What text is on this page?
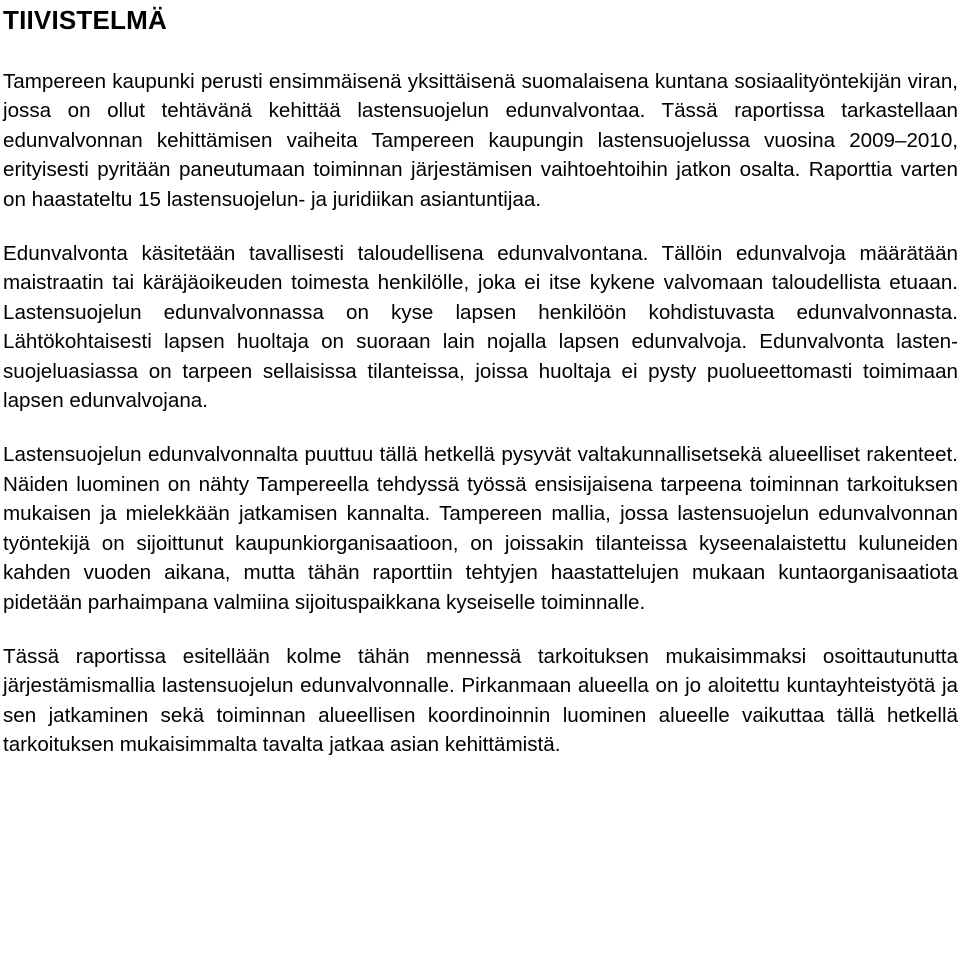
TIIVISTELMÄ

Tampereen kaupunki perusti ensimmäisenä yksittäisenä suomalaisena kuntana sosiaalityöntekijän viran, jossa on ollut tehtävänä kehittää lastensuojelun edunvalvontaa. Tässä raportissa tarkastellaan edunvalvonnan kehittämisen vaiheita Tampereen kaupungin lastensuojelussa vuosina 2009–2010, erityisesti pyritään paneutumaan toiminnan järjestämisen vaihtoehtoihin jatkon osalta. Raporttia varten on haastateltu 15 lastensuojelun- ja juridiikan asiantuntijaa.

Edunvalvonta käsitetään tavallisesti taloudellisena edunvalvontana. Tällöin edunvalvoja määrätään maistraatin tai käräjäoikeuden toimesta henkilölle, joka ei itse kykene valvomaan taloudellista etuaan. Lastensuojelun edunvalvonnassa on kyse lapsen henkilöön kohdistuvasta edunvalvonnasta. Lähtökohtaisesti lapsen huoltaja on suoraan lain nojalla lapsen edunvalvoja. Edunvalvonta lastensuojeluasiassa on tarpeen sellaisissa tilanteissa, joissa huoltaja ei pysty puolueettomasti toimimaan lapsen edunvalvojana.

Lastensuojelun edunvalvonnalta puuttuu tällä hetkellä pysyvät valtakunnallisetsekä alueelliset rakenteet. Näiden luominen on nähty Tampereella tehdyssä työssä ensisijaisena tarpeena toiminnan tarkoituksen mukaisen ja mielekkään jatkamisen kannalta. Tampereen mallia, jossa lastensuojelun edunvalvonnan työntekijä on sijoittunut kaupunkiorganisaatioon, on joissakin tilanteissa kyseenalaistettu kuluneiden kahden vuoden aikana, mutta tähän raporttiin tehtyjen haastattelujen mukaan kuntaorganisaatiota pidetään parhaimpana valmiina sijoituspaikkana kyseiselle toiminnalle.

Tässä raportissa esitellään kolme tähän mennessä tarkoituksen mukaisimmaksi osoittautunutta järjestämismallia lastensuojelun edunvalvonnalle. Pirkanmaan alueella on jo aloitettu kuntayhteistyötä ja sen jatkaminen sekä toiminnan alueellisen koordinoinnin luominen alueelle vaikuttaa tällä hetkellä tarkoituksen mukaisimmalta tavalta jatkaa asian kehittämistä.
